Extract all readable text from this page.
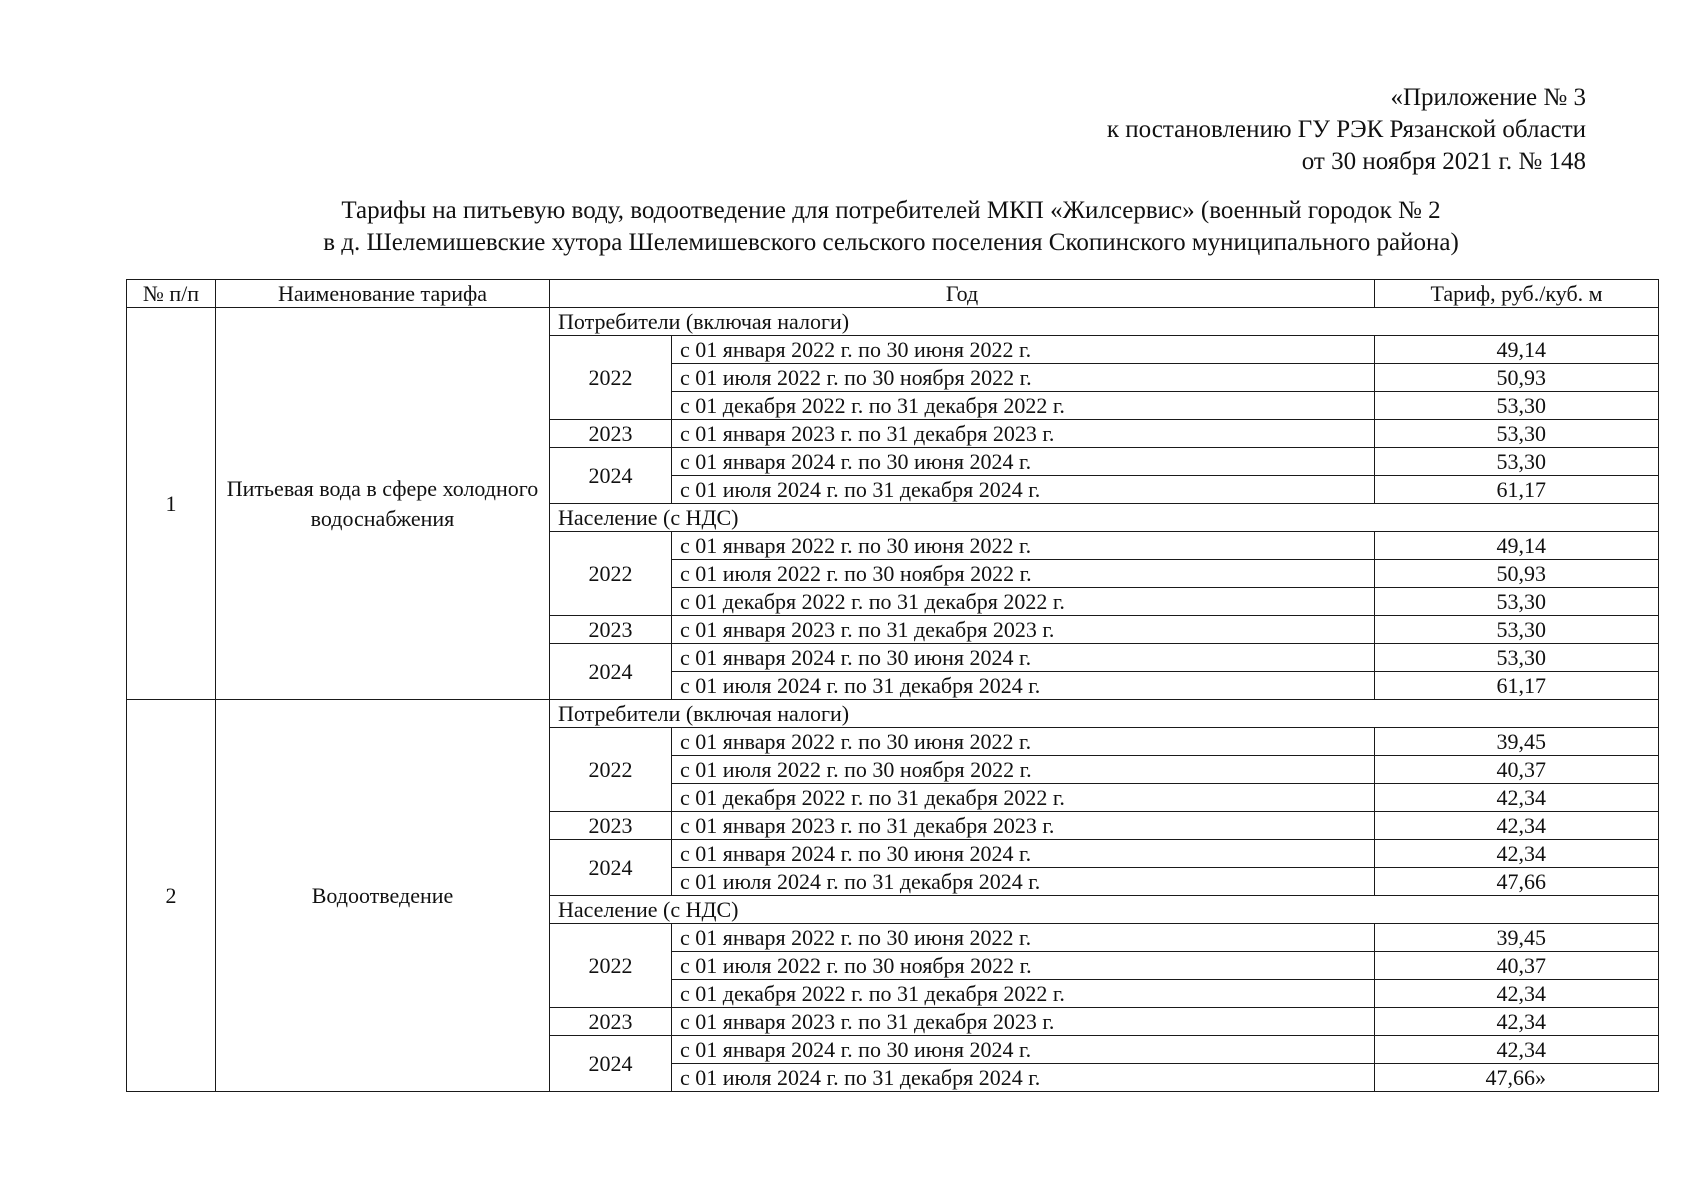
«Приложение № 3
к постановлению ГУ РЭК Рязанской области
от 30 ноября 2021 г. № 148
Тарифы на питьевую воду, водоотведение для потребителей МКП «Жилсервис» (военный городок № 2
в д. Шелемишевские хутора Шелемишевского сельского поселения Скопинского муниципального района)
№ п/п	Наименование тарифа	Год		Тариф, руб./куб. м
1	Питьевая вода в сфере холодного водоснабжения	Потребители (включая налоги)		
		2022	с 01 января 2022 г. по 30 июня 2022 г.	49,14
			с 01 июля 2022 г. по 30 ноября 2022 г.	50,93
			с 01 декабря 2022 г. по 31 декабря 2022 г.	53,30
		2023	с 01 января 2023 г. по 31 декабря 2023 г.	53,30
		2024	с 01 января 2024 г. по 30 июня 2024 г.	53,30
			с 01 июля 2024 г. по 31 декабря 2024 г.	61,17
		Население (с НДС)		
		2022	с 01 января 2022 г. по 30 июня 2022 г.	49,14
			с 01 июля 2022 г. по 30 ноября 2022 г.	50,93
			с 01 декабря 2022 г. по 31 декабря 2022 г.	53,30
		2023	с 01 января 2023 г. по 31 декабря 2023 г.	53,30
		2024	с 01 января 2024 г. по 30 июня 2024 г.	53,30
			с 01 июля 2024 г. по 31 декабря 2024 г.	61,17
2	Водоотведение	Потребители (включая налоги)		
		2022	с 01 января 2022 г. по 30 июня 2022 г.	39,45
			с 01 июля 2022 г. по 30 ноября 2022 г.	40,37
			с 01 декабря 2022 г. по 31 декабря 2022 г.	42,34
		2023	с 01 января 2023 г. по 31 декабря 2023 г.	42,34
		2024	с 01 января 2024 г. по 30 июня 2024 г.	42,34
			с 01 июля 2024 г. по 31 декабря 2024 г.	47,66
		Население (с НДС)		
		2022	с 01 января 2022 г. по 30 июня 2022 г.	39,45
			с 01 июля 2022 г. по 30 ноября 2022 г.	40,37
			с 01 декабря 2022 г. по 31 декабря 2022 г.	42,34
		2023	с 01 января 2023 г. по 31 декабря 2023 г.	42,34
		2024	с 01 января 2024 г. по 30 июня 2024 г.	42,34
			с 01 июля 2024 г. по 31 декабря 2024 г.	47,66»
